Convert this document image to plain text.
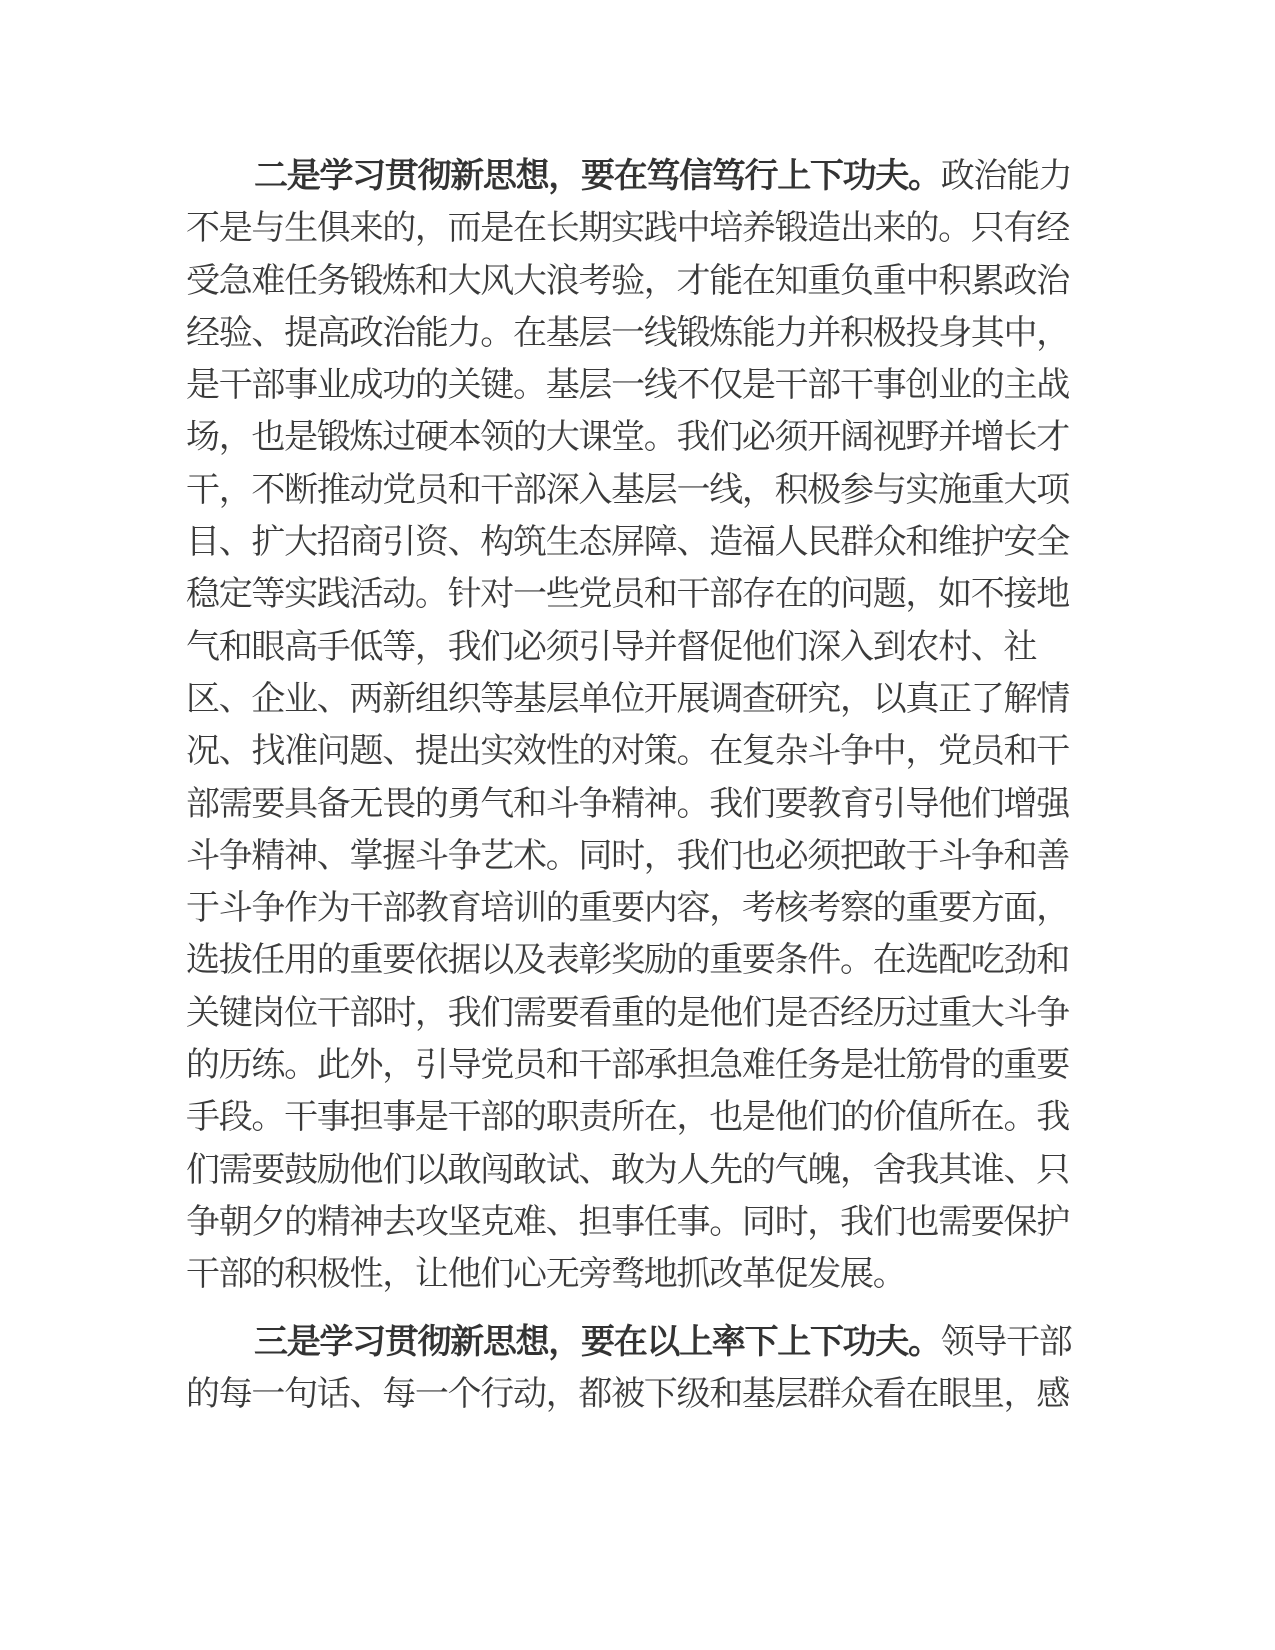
二是学习贯彻新思想，要在笃信笃行上下功夫。政治能力不是与生俱来的，而是在长期实践中培养锻造出来的。只有经受急难任务锻炼和大风大浪考验，才能在知重负重中积累政治经验、提高政治能力。在基层一线锻炼能力并积极投身其中，是干部事业成功的关键。基层一线不仅是干部干事创业的主战场，也是锻炼过硬本领的大课堂。我们必须开阔视野并增长才干，不断推动党员和干部深入基层一线，积极参与实施重大项目、扩大招商引资、构筑生态屏障、造福人民群众和维护安全稳定等实践活动。针对一些党员和干部存在的问题，如不接地气和眼高手低等，我们必须引导并督促他们深入到农村、社区、企业、两新组织等基层单位开展调查研究，以真正了解情况、找准问题、提出实效性的对策。在复杂斗争中，党员和干部需要具备无畏的勇气和斗争精神。我们要教育引导他们增强斗争精神、掌握斗争艺术。同时，我们也必须把敢于斗争和善于斗争作为干部教育培训的重要内容，考核考察的重要方面，选拔任用的重要依据以及表彰奖励的重要条件。在选配吃劲和关键岗位干部时，我们需要看重的是他们是否经历过重大斗争的历练。此外，引导党员和干部承担急难任务是壮筋骨的重要手段。干事担事是干部的职责所在，也是他们的价值所在。我们需要鼓励他们以敢闯敢试、敢为人先的气魄，舍我其谁、只争朝夕的精神去攻坚克难、担事任事。同时，我们也需要保护干部的积极性，让他们心无旁骛地抓改革促发展。

三是学习贯彻新思想，要在以上率下上下功夫。领导干部的每一句话、每一个行动，都被下级和基层群众看在眼里，感
